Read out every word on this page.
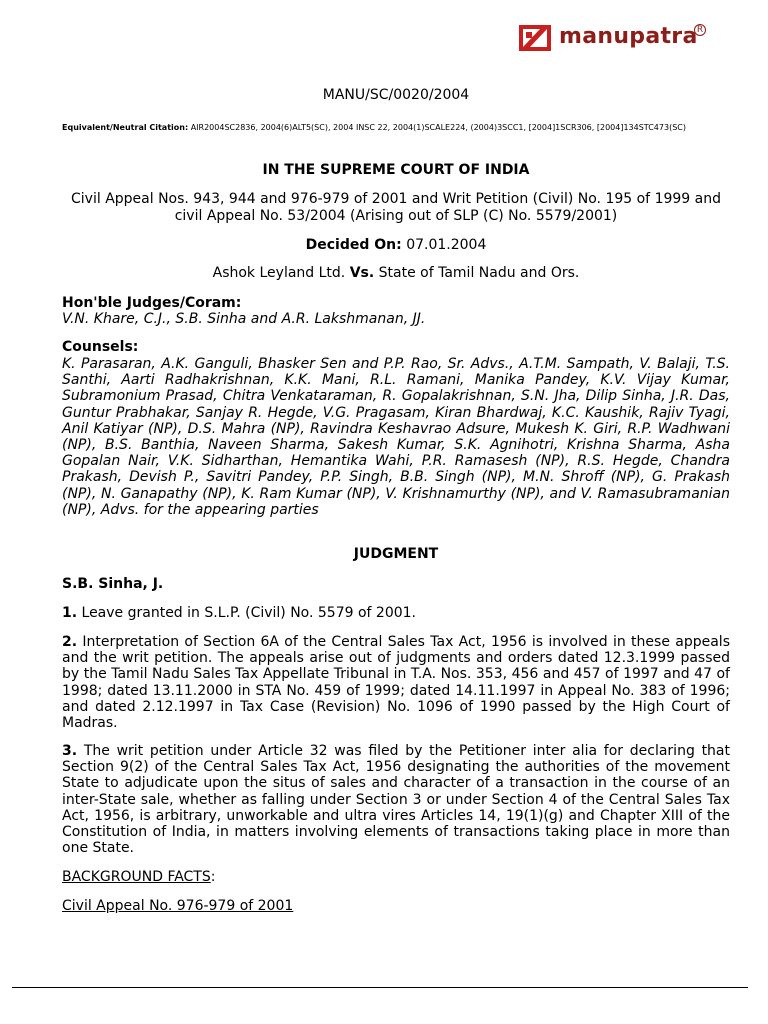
manupatra R
MANU/SC/0020/2004
Equivalent/Neutral Citation: AIR2004SC2836, 2004(6)ALT5(SC), 2004 INSC 22, 2004(1)SCALE224, (2004)3SCC1, [2004]1SCR306, [2004]134STC473(SC)
IN THE SUPREME COURT OF INDIA
Civil Appeal Nos. 943, 944 and 976-979 of 2001 and Writ Petition (Civil) No. 195 of 1999 and civil Appeal No. 53/2004 (Arising out of SLP (C) No. 5579/2001)
Decided On: 07.01.2004
Ashok Leyland Ltd. Vs. State of Tamil Nadu and Ors.
Hon'ble Judges/Coram:
V.N. Khare, C.J., S.B. Sinha and A.R. Lakshmanan, JJ.
Counsels:
K. Parasaran, A.K. Ganguli, Bhasker Sen and P.P. Rao, Sr. Advs., A.T.M. Sampath, V. Balaji, T.S. Santhi, Aarti Radhakrishnan, K.K. Mani, R.L. Ramani, Manika Pandey, K.V. Vijay Kumar, Subramonium Prasad, Chitra Venkataraman, R. Gopalakrishnan, S.N. Jha, Dilip Sinha, J.R. Das, Guntur Prabhakar, Sanjay R. Hegde, V.G. Pragasam, Kiran Bhardwaj, K.C. Kaushik, Rajiv Tyagi, Anil Katiyar (NP), D.S. Mahra (NP), Ravindra Keshavrao Adsure, Mukesh K. Giri, R.P. Wadhwani (NP), B.S. Banthia, Naveen Sharma, Sakesh Kumar, S.K. Agnihotri, Krishna Sharma, Asha Gopalan Nair, V.K. Sidharthan, Hemantika Wahi, P.R. Ramasesh (NP), R.S. Hegde, Chandra Prakash, Devish P., Savitri Pandey, P.P. Singh, B.B. Singh (NP), M.N. Shroff (NP), G. Prakash (NP), N. Ganapathy (NP), K. Ram Kumar (NP), V. Krishnamurthy (NP), and V. Ramasubramanian (NP), Advs. for the appearing parties
JUDGMENT
S.B. Sinha, J.
1. Leave granted in S.L.P. (Civil) No. 5579 of 2001.
2. Interpretation of Section 6A of the Central Sales Tax Act, 1956 is involved in these appeals and the writ petition. The appeals arise out of judgments and orders dated 12.3.1999 passed by the Tamil Nadu Sales Tax Appellate Tribunal in T.A. Nos. 353, 456 and 457 of 1997 and 47 of 1998; dated 13.11.2000 in STA No. 459 of 1999; dated 14.11.1997 in Appeal No. 383 of 1996; and dated 2.12.1997 in Tax Case (Revision) No. 1096 of 1990 passed by the High Court of Madras.
3. The writ petition under Article 32 was filed by the Petitioner inter alia for declaring that Section 9(2) of the Central Sales Tax Act, 1956 designating the authorities of the movement State to adjudicate upon the situs of sales and character of a transaction in the course of an inter-State sale, whether as falling under Section 3 or under Section 4 of the Central Sales Tax Act, 1956, is arbitrary, unworkable and ultra vires Articles 14, 19(1)(g) and Chapter XIII of the Constitution of India, in matters involving elements of transactions taking place in more than one State.
BACKGROUND FACTS:
Civil Appeal No. 976-979 of 2001
